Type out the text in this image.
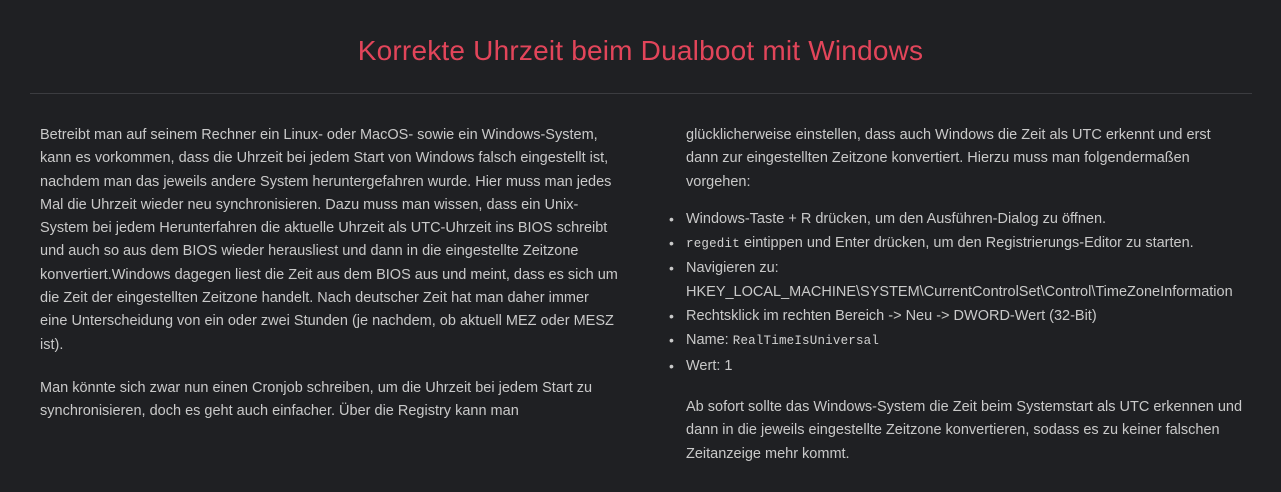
Korrekte Uhrzeit beim Dualboot mit Windows

Betreibt man auf seinem Rechner ein Linux- oder MacOS- sowie ein Windows-System, kann es vorkommen, dass die Uhrzeit bei jedem Start von Windows falsch eingestellt ist, nachdem man das jeweils andere System heruntergefahren wurde. Hier muss man jedes Mal die Uhrzeit wieder neu synchronisieren. Dazu muss man wissen, dass ein Unix-System bei jedem Herunterfahren die aktuelle Uhrzeit als UTC-Uhrzeit ins BIOS schreibt und auch so aus dem BIOS wieder herausliest und dann in die eingestellte Zeitzone konvertiert.Windows dagegen liest die Zeit aus dem BIOS aus und meint, dass es sich um die Zeit der eingestellten Zeitzone handelt. Nach deutscher Zeit hat man daher immer eine Unterscheidung von ein oder zwei Stunden (je nachdem, ob aktuell MEZ oder MESZ ist).

Man könnte sich zwar nun einen Cronjob schreiben, um die Uhrzeit bei jedem Start zu synchronisieren, doch es geht auch einfacher. Über die Registry kann man

glücklicherweise einstellen, dass auch Windows die Zeit als UTC erkennt und erst dann zur eingestellten Zeitzone konvertiert. Hierzu muss man folgendermaßen vorgehen:

• Windows-Taste + R drücken, um den Ausführen-Dialog zu öffnen.
• regedit eintippen und Enter drücken, um den Registrierungs-Editor zu starten.
• Navigieren zu:
HKEY_LOCAL_MACHINE\SYSTEM\CurrentControlSet\Control\TimeZoneInformation
• Rechtsklick im rechten Bereich -> Neu -> DWORD-Wert (32-Bit)
• Name: RealTimeIsUniversal
• Wert: 1

Ab sofort sollte das Windows-System die Zeit beim Systemstart als UTC erkennen und dann in die jeweils eingestellte Zeitzone konvertieren, sodass es zu keiner falschen Zeitanzeige mehr kommt.
